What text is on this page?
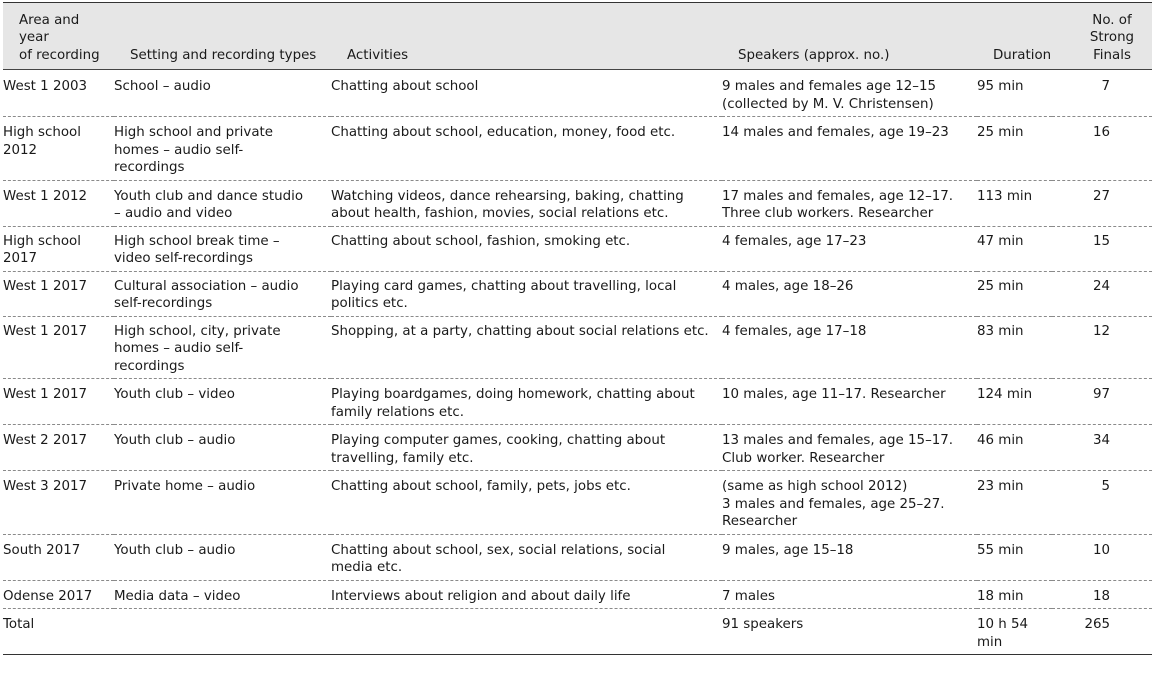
Area and year
of recording	Setting and recording types	Activities	Speakers (approx. no.)	Duration	No. of
Strong
Finals

West 1 2003	School – audio	Chatting about school	9 males and females age 12–15
(collected by M. V. Christensen)	95 min	7

High school
2012	High school and private
homes – audio self-
recordings	Chatting about school, education, money, food etc.	14 males and females, age 19–23	25 min	16

West 1 2012	Youth club and dance studio
– audio and video	Watching videos, dance rehearsing, baking, chatting
about health, fashion, movies, social relations etc.	17 males and females, age 12–17.
Three club workers. Researcher	113 min	27

High school
2017	High school break time –
video self-recordings	Chatting about school, fashion, smoking etc.	4 females, age 17–23	47 min	15

West 1 2017	Cultural association – audio
self-recordings	Playing card games, chatting about travelling, local
politics etc.	4 males, age 18–26	25 min	24

West 1 2017	High school, city, private
homes – audio self-
recordings	Shopping, at a party, chatting about social relations etc.	4 females, age 17–18	83 min	12

West 1 2017	Youth club – video	Playing boardgames, doing homework, chatting about
family relations etc.	10 males, age 11–17. Researcher	124 min	97

West 2 2017	Youth club – audio	Playing computer games, cooking, chatting about
travelling, family etc.	13 males and females, age 15–17.
Club worker. Researcher	46 min	34

West 3 2017	Private home – audio	Chatting about school, family, pets, jobs etc.	(same as high school 2012)
3 males and females, age 25–27.
Researcher	23 min	5

South 2017	Youth club – audio	Chatting about school, sex, social relations, social
media etc.	9 males, age 15–18	55 min	10

Odense 2017	Media data – video	Interviews about religion and about daily life	7 males	18 min	18

Total			91 speakers	10 h 54
min	265
